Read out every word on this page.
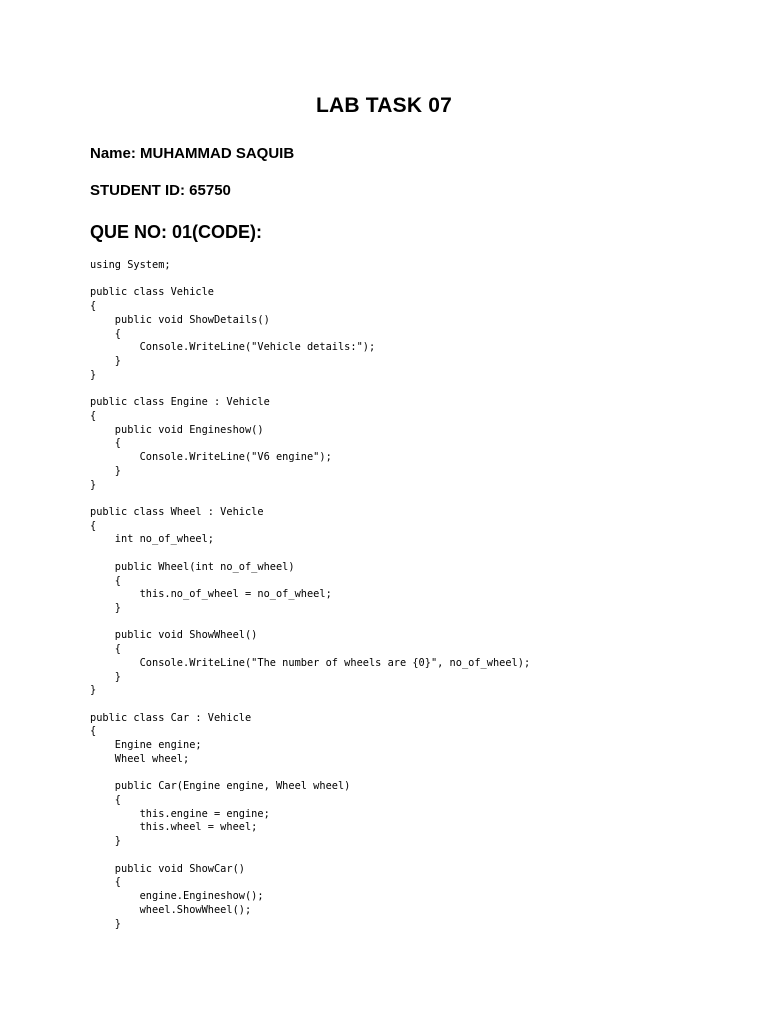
LAB TASK 07
Name: MUHAMMAD SAQUIB
STUDENT ID: 65750
QUE NO: 01(CODE):
using System;
public class Vehicle
{
public void ShowDetails()
{
Console.WriteLine("Vehicle details:");
}
}
public class Engine : Vehicle
{
public void Engineshow()
{
Console.WriteLine("V6 engine");
}
}
public class Wheel : Vehicle
{
int no_of_wheel;
public Wheel(int no_of_wheel)
{
this.no_of_wheel = no_of_wheel;
}
public void ShowWheel()
{
Console.WriteLine("The number of wheels are {0}", no_of_wheel);
}
}
public class Car : Vehicle
{
Engine engine;
Wheel wheel;
public Car(Engine engine, Wheel wheel)
{
this.engine = engine;
this.wheel = wheel;
}
public void ShowCar()
{
engine.Engineshow();
wheel.ShowWheel();
}
